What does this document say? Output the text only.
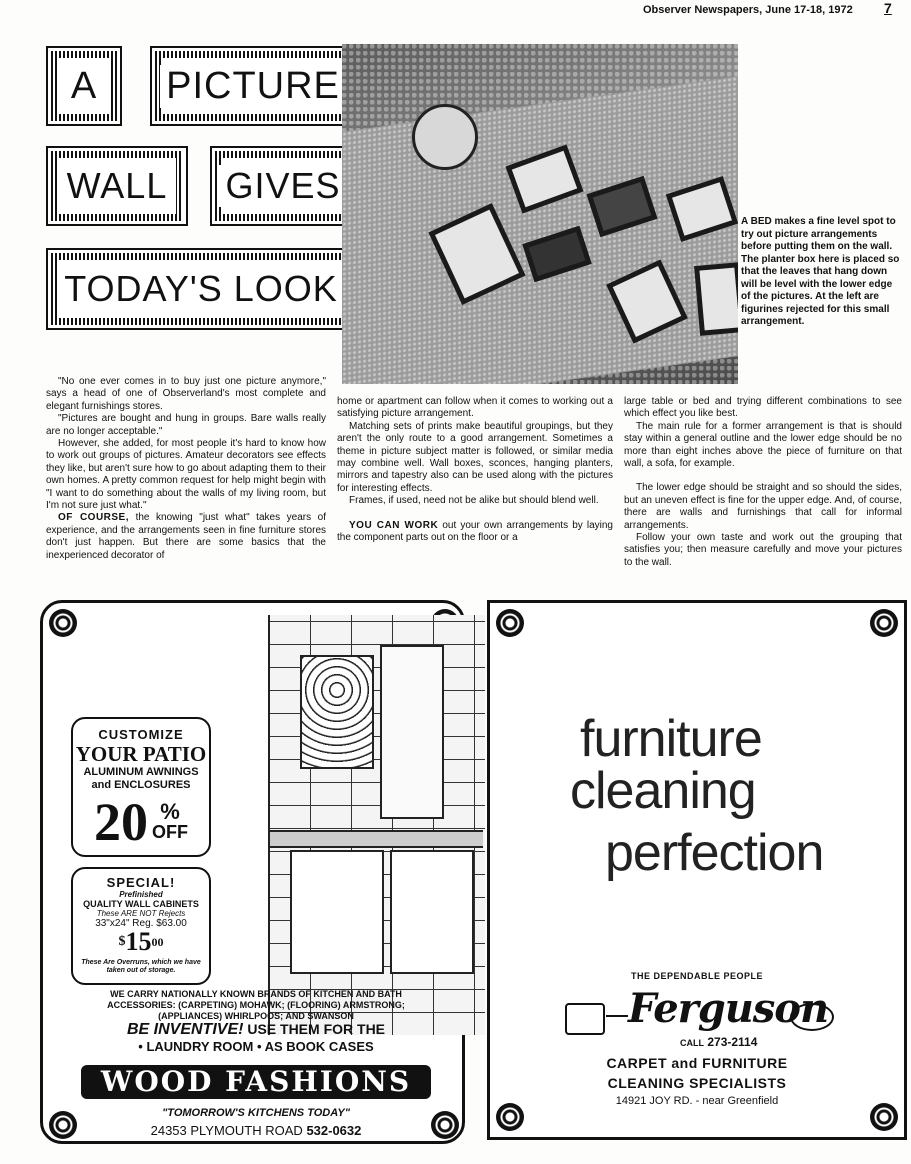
Observer Newspapers, June 17-18, 1972 7
A PICTURE
WALL GIVES
TODAY'S LOOK
A BED makes a fine level spot to try out picture arrangements before putting them on the wall. The planter box here is placed so that the leaves that hang down will be level with the lower edge of the pictures. At the left are figurines rejected for this small arrangement.

"No one ever comes in to buy just one picture anymore," says a head of one of Observerland's most complete and elegant furnishings stores.

"Pictures are bought and hung in groups. Bare walls really are no longer acceptable."

However, she added, for most people it's hard to know how to work out groups of pictures. Amateur decorators see effects they like, but aren't sure how to go about adapting them to their own homes. A pretty common request for help might begin with "I want to do something about the walls of my living room, but I'm not sure just what."

OF COURSE, the knowing "just what" takes years of experience, and the arrangements seen in fine furniture stores don't just happen. But there are some basics that the inexperienced decorator of

home or apartment can follow when it comes to working out a satisfying picture arrangement.

Matching sets of prints make beautiful groupings, but they aren't the only route to a good arrangement. Sometimes a theme in picture subject matter is followed, or similar media may combine well. Wall boxes, sconces, hanging planters, mirrors and tapestry also can be used along with the pictures for interesting effects.

Frames, if used, need not be alike but should blend well.

YOU CAN WORK out your own arrangements by laying the component parts out on the floor or a

large table or bed and trying different combinations to see which effect you like best.

The main rule for a former arrangement is that is should stay within a general outline and the lower edge should be no more than eight inches above the piece of furniture on that wall, a sofa, for example.

The lower edge should be straight and so should the sides, but an uneven effect is fine for the upper edge. And, of course, there are walls and furnishings that call for informal arrangements.

Follow your own taste and work out the grouping that satisfies you; then measure carefully and move your pictures to the wall.

CUSTOMIZE
YOUR PATIO
ALUMINUM AWNINGS
and ENCLOSURES
20 %
OFF
SPECIAL!
Prefinished
QUALITY WALL CABINETS
These ARE NOT Rejects
33"x24" Reg. $63.00
$\$15^{00}$
These Are Overruns, which we have taken out of storage.
WE CARRY NATIONALLY KNOWN BRANDS OF KITCHEN AND BATH ACCESSORIES: (CARPETING) MOHAWK; (FLOORING) ARMSTRONG; (APPLIANCES) WHIRLPOOS; AND SWANSON
BE INVENTIVE! USE THEM FOR THE
• LAUNDRY ROOM • AS BOOK CASES
WOOD FASHIONS
"TOMORROW'S KITCHENS TODAY"
24353 PLYMOUTH ROAD 532-0632
furniture
cleaning
perfection
THE DEPENDABLE PEOPLE
Ferguson
CALL 273-2114
CARPET and FURNITURE
CLEANING SPECIALISTS
14921 JOY RD. - near Greenfield
